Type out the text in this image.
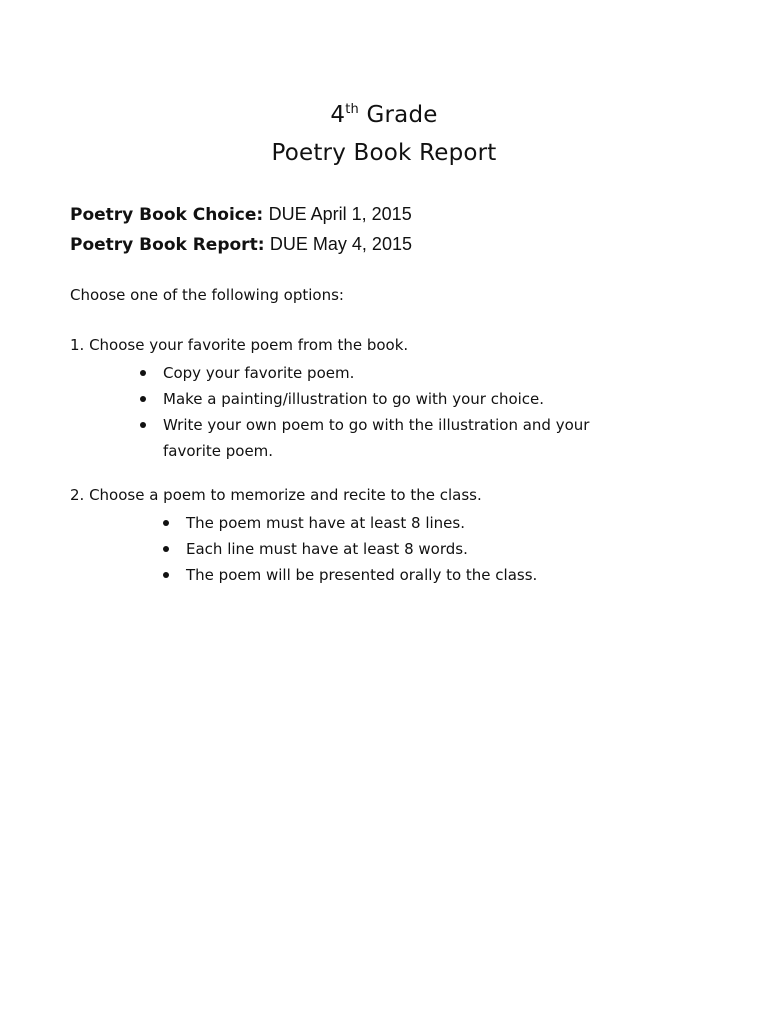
4th Grade
Poetry Book Report
Poetry Book Choice: DUE April 1, 2015
Poetry Book Report: DUE May 4, 2015
Choose one of the following options:
1. Choose your favorite poem from the book.
Copy your favorite poem.
Make a painting/illustration to go with your choice.
Write your own poem to go with the illustration and your favorite poem.
2. Choose a poem to memorize and recite to the class.
The poem must have at least 8 lines.
Each line must have at least 8 words.
The poem will be presented orally to the class.
